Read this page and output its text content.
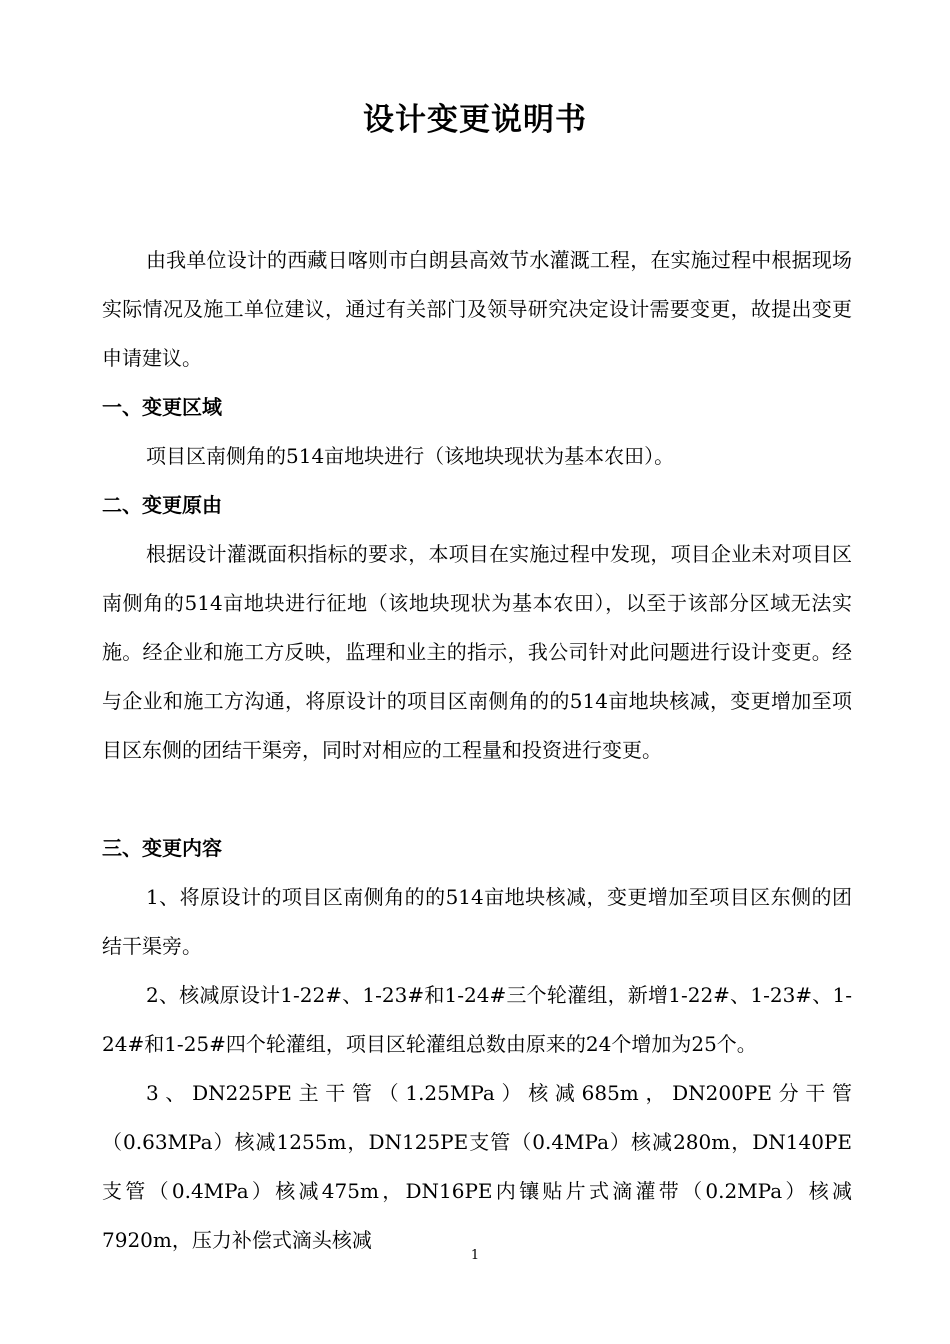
设计变更说明书

由我单位设计的西藏日喀则市白朗县高效节水灌溉工程，在实施过程中根据现场实际情况及施工单位建议，通过有关部门及领导研究决定设计需要变更，故提出变更申请建议。

一、变更区域

项目区南侧角的514亩地块进行（该地块现状为基本农田）。

二、变更原由

根据设计灌溉面积指标的要求，本项目在实施过程中发现，项目企业未对项目区南侧角的514亩地块进行征地（该地块现状为基本农田），以至于该部分区域无法实施。经企业和施工方反映，监理和业主的指示，我公司针对此问题进行设计变更。经与企业和施工方沟通，将原设计的项目区南侧角的的514亩地块核减，变更增加至项目区东侧的团结干渠旁，同时对相应的工程量和投资进行变更。

三、变更内容

1、将原设计的项目区南侧角的的514亩地块核减，变更增加至项目区东侧的团结干渠旁。

2、核减原设计1-22#、1-23#和1-24#三个轮灌组，新增1-22#、1-23#、1-24#和1-25#四个轮灌组，项目区轮灌组总数由原来的24个增加为25个。

3、DN225PE主干管（1.25MPa）核减685m，DN200PE分干管（0.63MPa）核减1255m，DN125PE支管（0.4MPa）核减280m，DN140PE支管（0.4MPa）核减475m，DN16PE内镶贴片式滴灌带（0.2MPa）核减7920m，压力补偿式滴头核减

1
